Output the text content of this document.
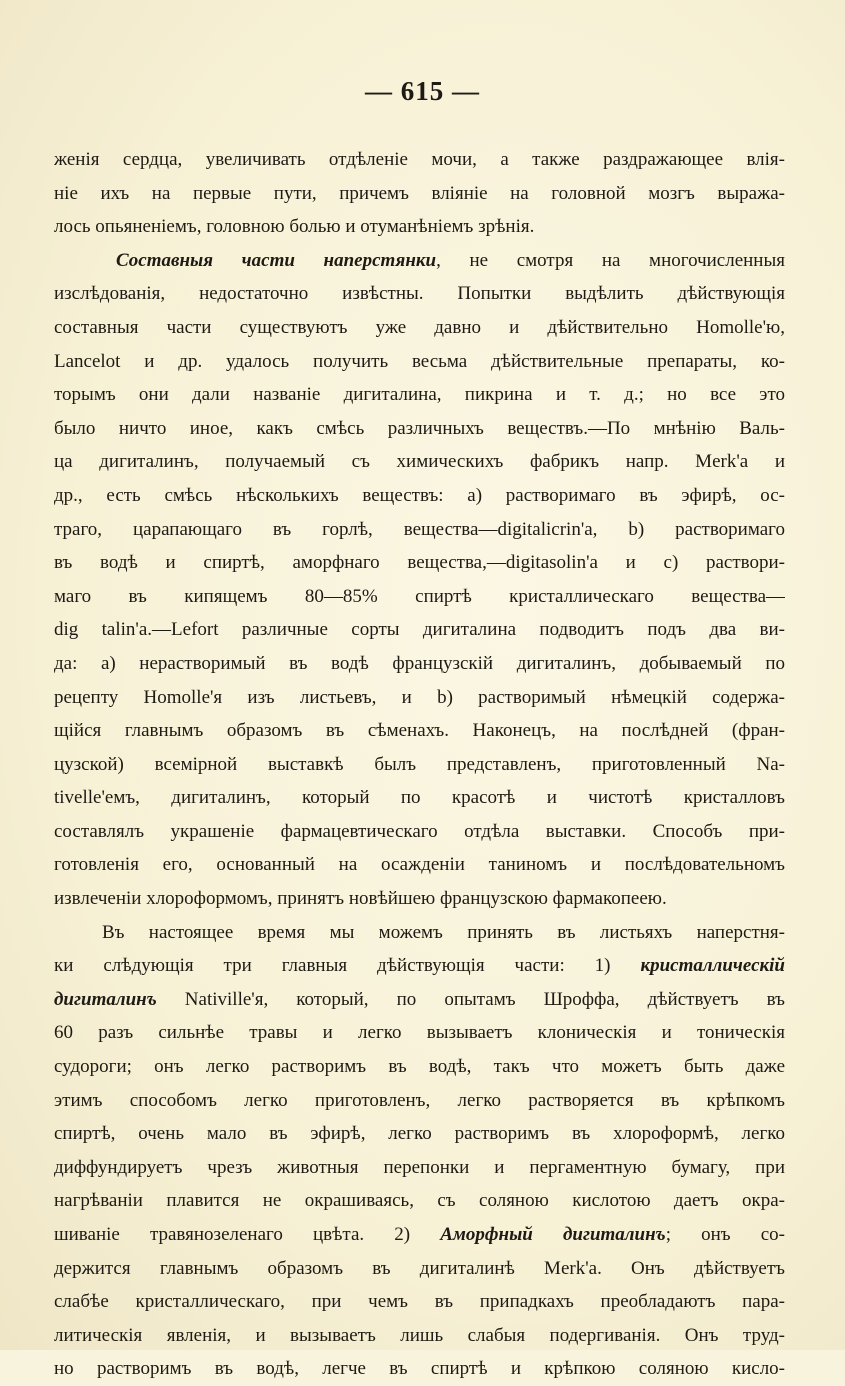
— 615 —
женія сердца, увеличивать отдѣленіе мочи, а также раздражающее влія-
ніе ихъ на первые пути, причемъ вліяніе на головной мозгъ выража-
лось опьяненіемъ, головною болью и отуманѣніемъ зрѣнія.
Составныя части наперстянки, не смотря на многочисленныя
изслѣдованія, недостаточно извѣстны. Попытки выдѣлить дѣйствующія
составныя части существуютъ уже давно и дѣйствительно Homolle'ю,
Lancelot и др. удалось получить весьма дѣйствительные препараты, ко-
торымъ они дали названіе дигиталина, пикрина и т. д.; но все это
было ничто иное, какъ смѣсь различныхъ веществъ.—По мнѣнію Валь-
ца дигиталинъ, получаемый съ химическихъ фабрикъ напр. Merk'a и
др., есть смѣсь нѣсколькихъ веществъ: a) растворимаго въ эфирѣ, ос-
траго, царапающаго въ горлѣ, вещества—digitalicrin'a, b) растворимаго
въ водѣ и спиртѣ, аморфнаго вещества,—digitasolin'a и c) раствори-
маго въ кипящемъ 80—85% спиртѣ кристаллическаго вещества—
dig talin'a.—Lefort различные сорты дигиталина подводитъ подъ два ви-
да: a) нерастворимый въ водѣ французскій дигиталинъ, добываемый по
рецепту Homolle'я изъ листьевъ, и b) растворимый нѣмецкій содержа-
щійся главнымъ образомъ въ сѣменахъ. Наконецъ, на послѣдней (фран-
цузской) всемірной выставкѣ былъ представленъ, приготовленный Na-
tivelle'емъ, дигиталинъ, который по красотѣ и чистотѣ кристалловъ
составлялъ украшеніе фармацевтическаго отдѣла выставки. Способъ при-
готовленія его, основанный на осажденіи таниномъ и послѣдовательномъ
извлеченіи хлороформомъ, принятъ новѣйшею французскою фармакопеею.
Въ настоящее время мы можемъ принять въ листьяхъ наперстня-
ки слѣдующія три главныя дѣйствующія части: 1) кристаллическій
дигиталинъ Nativille'я, который, по опытамъ Шроффа, дѣйствуетъ въ
60 разъ сильнѣе травы и легко вызываетъ клоническія и тоническія
судороги; онъ легко растворимъ въ водѣ, такъ что можетъ быть даже
этимъ способомъ легко приготовленъ, легко растворяется въ крѣпкомъ
спиртѣ, очень мало въ эфирѣ, легко растворимъ въ хлороформѣ, легко
диффундируетъ чрезъ животныя перепонки и пергаментную бумагу, при
нагрѣваніи плавится не окрашиваясь, съ соляною кислотою даетъ окра-
шиваніе травянозеленаго цвѣта. 2) Аморфный дигиталинъ; онъ со-
держится главнымъ образомъ въ дигиталинѣ Merk'a. Онъ дѣйствуетъ
слабѣе кристаллическаго, при чемъ въ припадкахъ преобладаютъ пара-
литическія явленія, и вызываетъ лишь слабыя подергиванія. Онъ труд-
но растворимъ въ водѣ, легче въ спиртѣ и крѣпкою соляною кисло-
